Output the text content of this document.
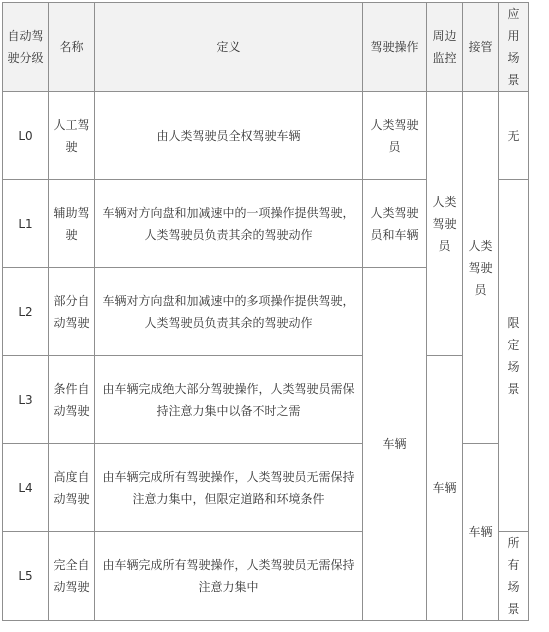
自动驾驶分级	名称	定义	驾驶操作	周边监控	接管	应用场景
L0	人工驾驶	由人类驾驶员全权驾驶车辆	人类驾驶员	人类驾驶员	人类驾驶员	无
L1	辅助驾驶	车辆对方向盘和加减速中的一项操作提供驾驶，人类驾驶员负责其余的驾驶动作	人类驾驶员和车辆			限定场景
L2	部分自动驾驶	车辆对方向盘和加减速中的多项操作提供驾驶，人类驾驶员负责其余的驾驶动作	车辆			
L3	条件自动驾驶	由车辆完成绝大部分驾驶操作，人类驾驶员需保持注意力集中以备不时之需		车辆		
L4	高度自动驾驶	由车辆完成所有驾驶操作，人类驾驶员无需保持注意力集中，但限定道路和环境条件			车辆	
L5	完全自动驾驶	由车辆完成所有驾驶操作，人类驾驶员无需保持注意力集中				所有场景
